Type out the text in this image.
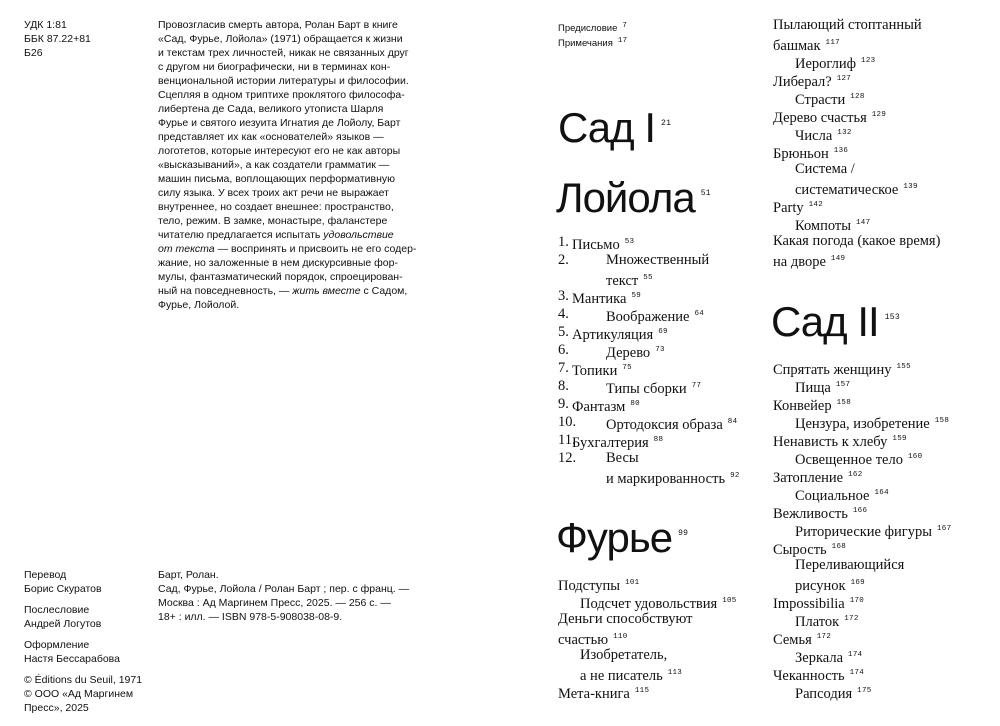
УДК 1:81
ББК 87.22+81
Б26
Провозгласив смерть автора, Ролан Барт в книге
«Сад, Фурье, Лойола» (1971) обращается к жизни
и текстам трех личностей, никак не связанных друг
с другом ни биографически, ни в терминах кон-
венциональной истории литературы и философии.
Сцепляя в одном триптихе проклятого философа-
либертена де Сада, великого утописта Шарля
Фурье и святого иезуита Игнатия де Лойолу, Барт
представляет их как «основателей» языков —
логотетов, которые интересуют его не как авторы
«высказываний», а как создатели грамматик —
машин письма, воплощающих перформативную
силу языка. У всех троих акт речи не выражает
внутреннее, но создает внешнее: пространство,
тело, режим. В замке, монастыре, фаланстере
читателю предлагается испытать удовольствие
от текста — воспринять и присвоить не его содер-
жание, но заложенные в нем дискурсивные фор-
мулы, фантазматический порядок, спроецирован-
ный на повседневность, — жить вместе с Садом,
Фурье, Лойолой.
Перевод
Борис Скуратов
Послесловие
Андрей Логутов
Оформление
Настя Бессарабова
© Éditions du Seuil, 1971
© ООО «Ад Маргинем
Пресс», 2025
Барт, Ролан.
Сад, Фурье, Лойола / Ролан Барт ; пер. с франц. —
Москва : Ад Маргинем Пресс, 2025. — 256 с. —
18+ : илл. — ISBN 978-5-908038-08-9.
Предисловие $^7$
Примечания $^{17}$
Сад I $^{21}$
Лойола $^{51}$
1. Письмо $^{53}$
2.	Множественный
текст $^{55}$
3. Мантика $^{59}$
4.	Воображение $^{64}$
5. Артикуляция $^{69}$
6.	Дерево $^{73}$
7. Топики $^{75}$
8.	Типы сборки $^{77}$
9. Фантазм $^{80}$
10. Ортодоксия образа $^{84}$
11.
Бухгалтерия $^{88}$
12. Весы
и маркированность $^{92}$
Фурье $^{99}$
Подступы $^{101}$
Подсчет удовольствия $^{105}$
Деньги способствуют
счастью $^{110}$
Изобретатель,
а не писатель $^{113}$
Мета-книга $^{115}$
Пылающий стоптанный
башмак $^{117}$
Иероглиф $^{123}$
Либерал? $^{127}$
Страсти $^{128}$
Дерево счастья $^{129}$
Числа $^{132}$
Брюньон $^{136}$
Система /
систематическое $^{139}$
Party $^{142}$
Компоты $^{147}$
Какая погода (какое время)
на дворе $^{149}$
Сад II $^{153}$
Спрятать женщину $^{155}$
Пища $^{157}$
Конвейер $^{158}$
Цензура, изобретение $^{158}$
Ненависть к хлебу $^{159}$
Освещенное тело $^{160}$
Затопление $^{162}$
Социальное $^{164}$
Вежливость $^{166}$
Риторические фигуры $^{167}$
Сырость $^{168}$
Переливающийся
рисунок $^{169}$
Impossibilia $^{170}$
Платок $^{172}$
Семья $^{172}$
Зеркала $^{174}$
Чеканность $^{174}$
Рапсодия $^{175}$
